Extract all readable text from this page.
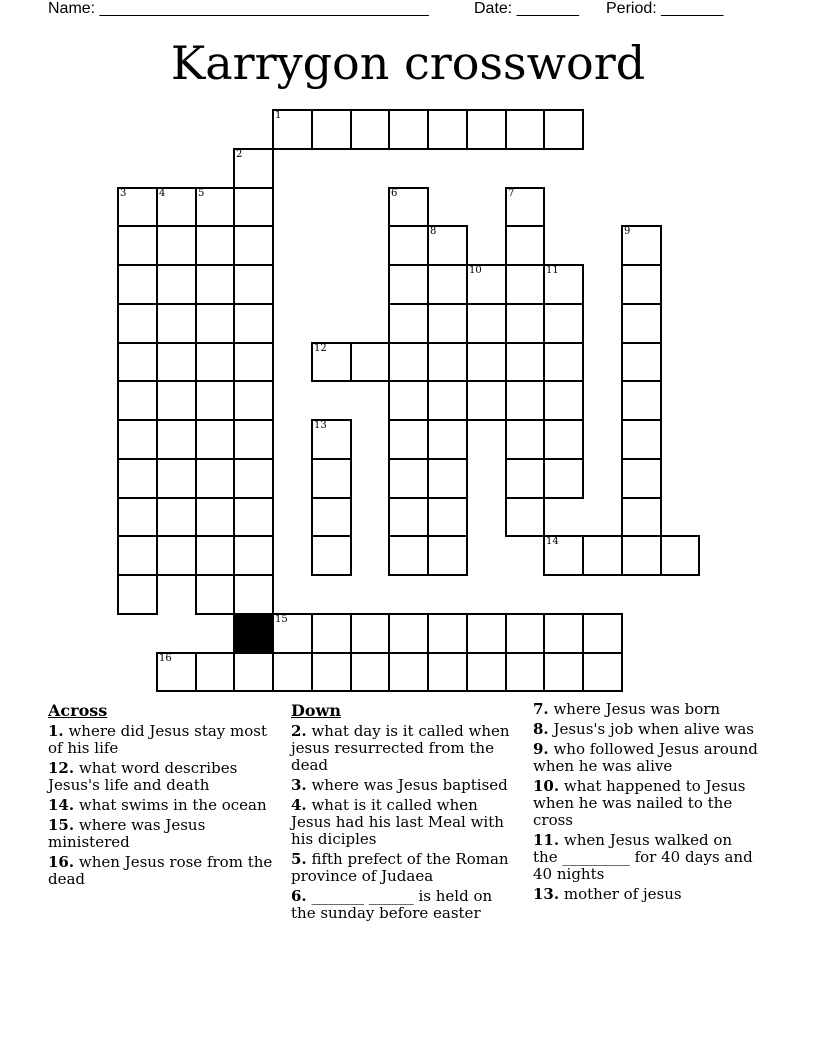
Name: _____________________________________	Date: _______ Period: _______
Karrygon crossword
1
2
3	4	5	6	7
8	9
10	11
12
13
14
15
16
Across
1. where did Jesus stay most of his life
12. what word describes Jesus's life and death
14. what swims in the ocean
15. where was Jesus ministered
16. when Jesus rose from the dead
Down
2. what day is it called when jesus resurrected from the dead
3. where was Jesus baptised
4. what is it called when Jesus had his last Meal with his diciples
5. fifth prefect of the Roman province of Judaea
6. _______ ______ is held on the sunday before easter
7. where Jesus was born
8. Jesus's job when alive was
9. who followed Jesus around when he was alive
10. what happened to Jesus when he was nailed to the cross
11. when Jesus walked on the _________ for 40 days and 40 nights
13. mother of jesus
